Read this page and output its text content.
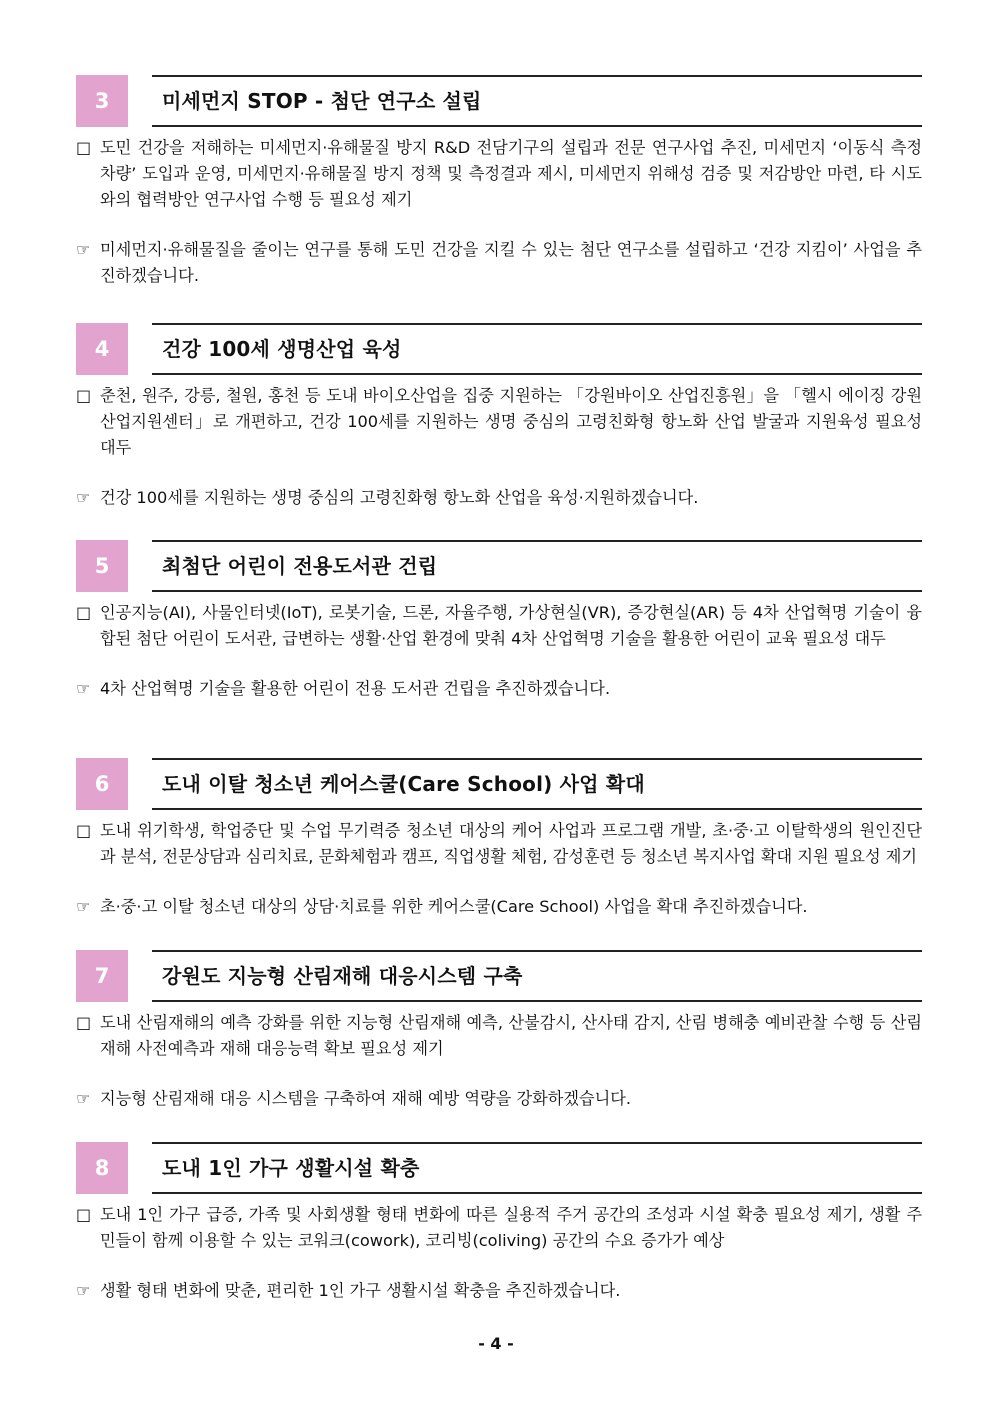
3	미세먼지 STOP - 첨단 연구소 설립
□ 도민 건강을 저해하는 미세먼지·유해물질 방지 R&D 전담기구의 설립과 전문 연구사업 추진, 미세먼지 ‘이동식 측정 차량’ 도입과 운영, 미세먼지·유해물질 방지 정책 및 측정결과 제시, 미세먼지 위해성 검증 및 저감방안 마련, 타 시도와의 협력방안 연구사업 수행 등 필요성 제기
☞ 미세먼지·유해물질을 줄이는 연구를 통해 도민 건강을 지킬 수 있는 첨단 연구소를 설립하고 ‘건강 지킴이’ 사업을 추진하겠습니다.
4	건강 100세 생명산업 육성
□ 춘천, 원주, 강릉, 철원, 홍천 등 도내 바이오산업을 집중 지원하는 「강원바이오 산업진흥원」을 「헬시 에이징 강원산업지원센터」로 개편하고, 건강 100세를 지원하는 생명 중심의 고령친화형 항노화 산업 발굴과 지원육성 필요성 대두
☞ 건강 100세를 지원하는 생명 중심의 고령친화형 항노화 산업을 육성·지원하겠습니다.
5	최첨단 어린이 전용도서관 건립
□ 인공지능(AI), 사물인터넷(IoT), 로봇기술, 드론, 자율주행, 가상현실(VR), 증강현실(AR) 등 4차 산업혁명 기술이 융합된 첨단 어린이 도서관, 급변하는 생활·산업 환경에 맞춰 4차 산업혁명 기술을 활용한 어린이 교육 필요성 대두
☞ 4차 산업혁명 기술을 활용한 어린이 전용 도서관 건립을 추진하겠습니다.
6	도내 이탈 청소년 케어스쿨(Care School) 사업 확대
□ 도내 위기학생, 학업중단 및 수업 무기력증 청소년 대상의 케어 사업과 프로그램 개발, 초·중·고 이탈학생의 원인진단과 분석, 전문상담과 심리치료, 문화체험과 캠프, 직업생활 체험, 감성훈련 등 청소년 복지사업 확대 지원 필요성 제기
☞ 초·중·고 이탈 청소년 대상의 상담·치료를 위한 케어스쿨(Care School) 사업을 확대 추진하겠습니다.
7	강원도 지능형 산림재해 대응시스템 구축
□ 도내 산림재해의 예측 강화를 위한 지능형 산림재해 예측, 산불감시, 산사태 감지, 산림 병해충 예비관찰 수행 등 산림재해 사전예측과 재해 대응능력 확보 필요성 제기
☞ 지능형 산림재해 대응 시스템을 구축하여 재해 예방 역량을 강화하겠습니다.
8	도내 1인 가구 생활시설 확충
□ 도내 1인 가구 급증, 가족 및 사회생활 형태 변화에 따른 실용적 주거 공간의 조성과 시설 확충 필요성 제기, 생활 주민들이 함께 이용할 수 있는 코워크(cowork), 코리빙(coliving) 공간의 수요 증가가 예상
☞ 생활 형태 변화에 맞춘, 편리한 1인 가구 생활시설 확충을 추진하겠습니다.
- 4 -
